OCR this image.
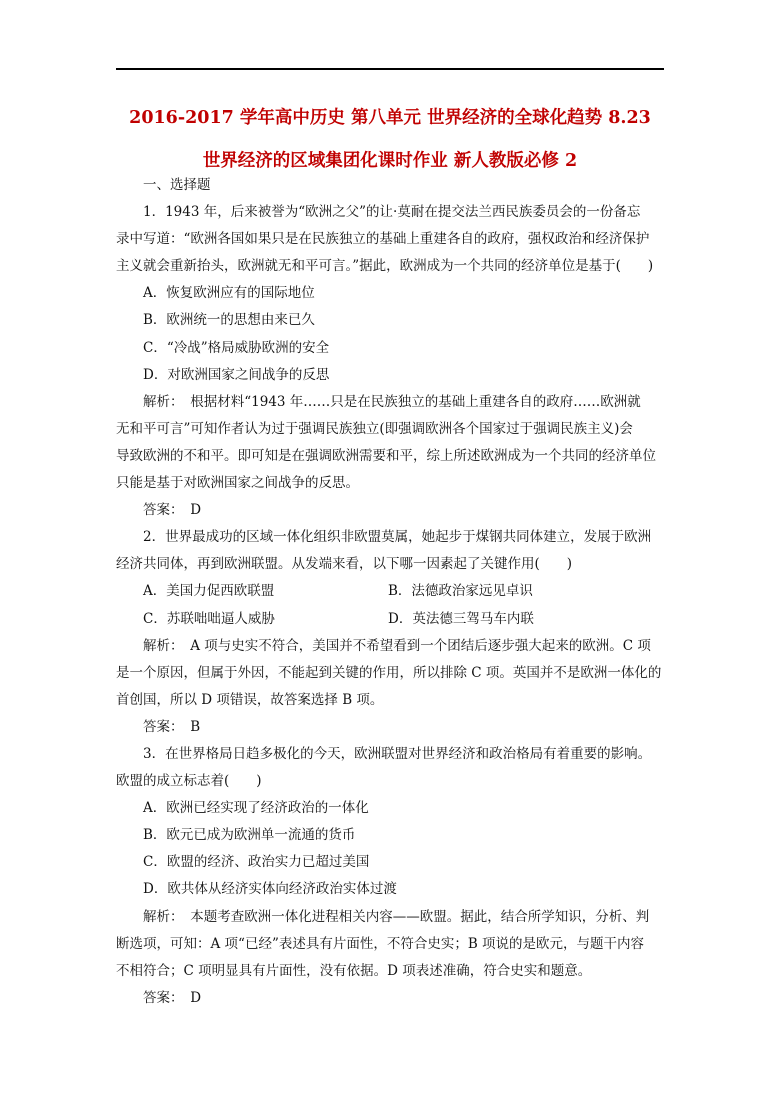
2016-2017 学年高中历史 第八单元 世界经济的全球化趋势 8.23
世界经济的区域集团化课时作业 新人教版必修 2

一、选择题

1．1943 年，后来被誉为“欧洲之父”的让·莫耐在提交法兰西民族委员会的一份备忘

录中写道：“欧洲各国如果只是在民族独立的基础上重建各自的政府，强权政治和经济保护

主义就会重新抬头，欧洲就无和平可言。”据此，欧洲成为一个共同的经济单位是基于(　　)

A．恢复欧洲应有的国际地位

B．欧洲统一的思想由来已久

C．“冷战”格局威胁欧洲的安全

D．对欧洲国家之间战争的反思

解析：　根据材料“1943 年……只是在民族独立的基础上重建各自的政府……欧洲就

无和平可言”可知作者认为过于强调民族独立(即强调欧洲各个国家过于强调民族主义)会

导致欧洲的不和平。即可知是在强调欧洲需要和平，综上所述欧洲成为一个共同的经济单位

只能是基于对欧洲国家之间战争的反思。

答案：　D

2．世界最成功的区域一体化组织非欧盟莫属，她起步于煤钢共同体建立，发展于欧洲

经济共同体，再到欧洲联盟。从发端来看，以下哪一因素起了关键作用(　　)

A．美国力促西欧联盟	B．法德政治家远见卓识
C．苏联咄咄逼人威胁	D．英法德三驾马车内联

解析：　A 项与史实不符合，美国并不希望看到一个团结后逐步强大起来的欧洲。C 项

是一个原因，但属于外因，不能起到关键的作用，所以排除 C 项。英国并不是欧洲一体化的

首创国，所以 D 项错误，故答案选择 B 项。

答案：　B

3．在世界格局日趋多极化的今天，欧洲联盟对世界经济和政治格局有着重要的影响。

欧盟的成立标志着(　　)

A．欧洲已经实现了经济政治的一体化

B．欧元已成为欧洲单一流通的货币

C．欧盟的经济、政治实力已超过美国

D．欧共体从经济实体向经济政治实体过渡

解析：　本题考查欧洲一体化进程相关内容——欧盟。据此，结合所学知识，分析、判

断选项，可知：A 项“已经”表述具有片面性，不符合史实；B 项说的是欧元，与题干内容

不相符合；C 项明显具有片面性，没有依据。D 项表述准确，符合史实和题意。

答案：　D
